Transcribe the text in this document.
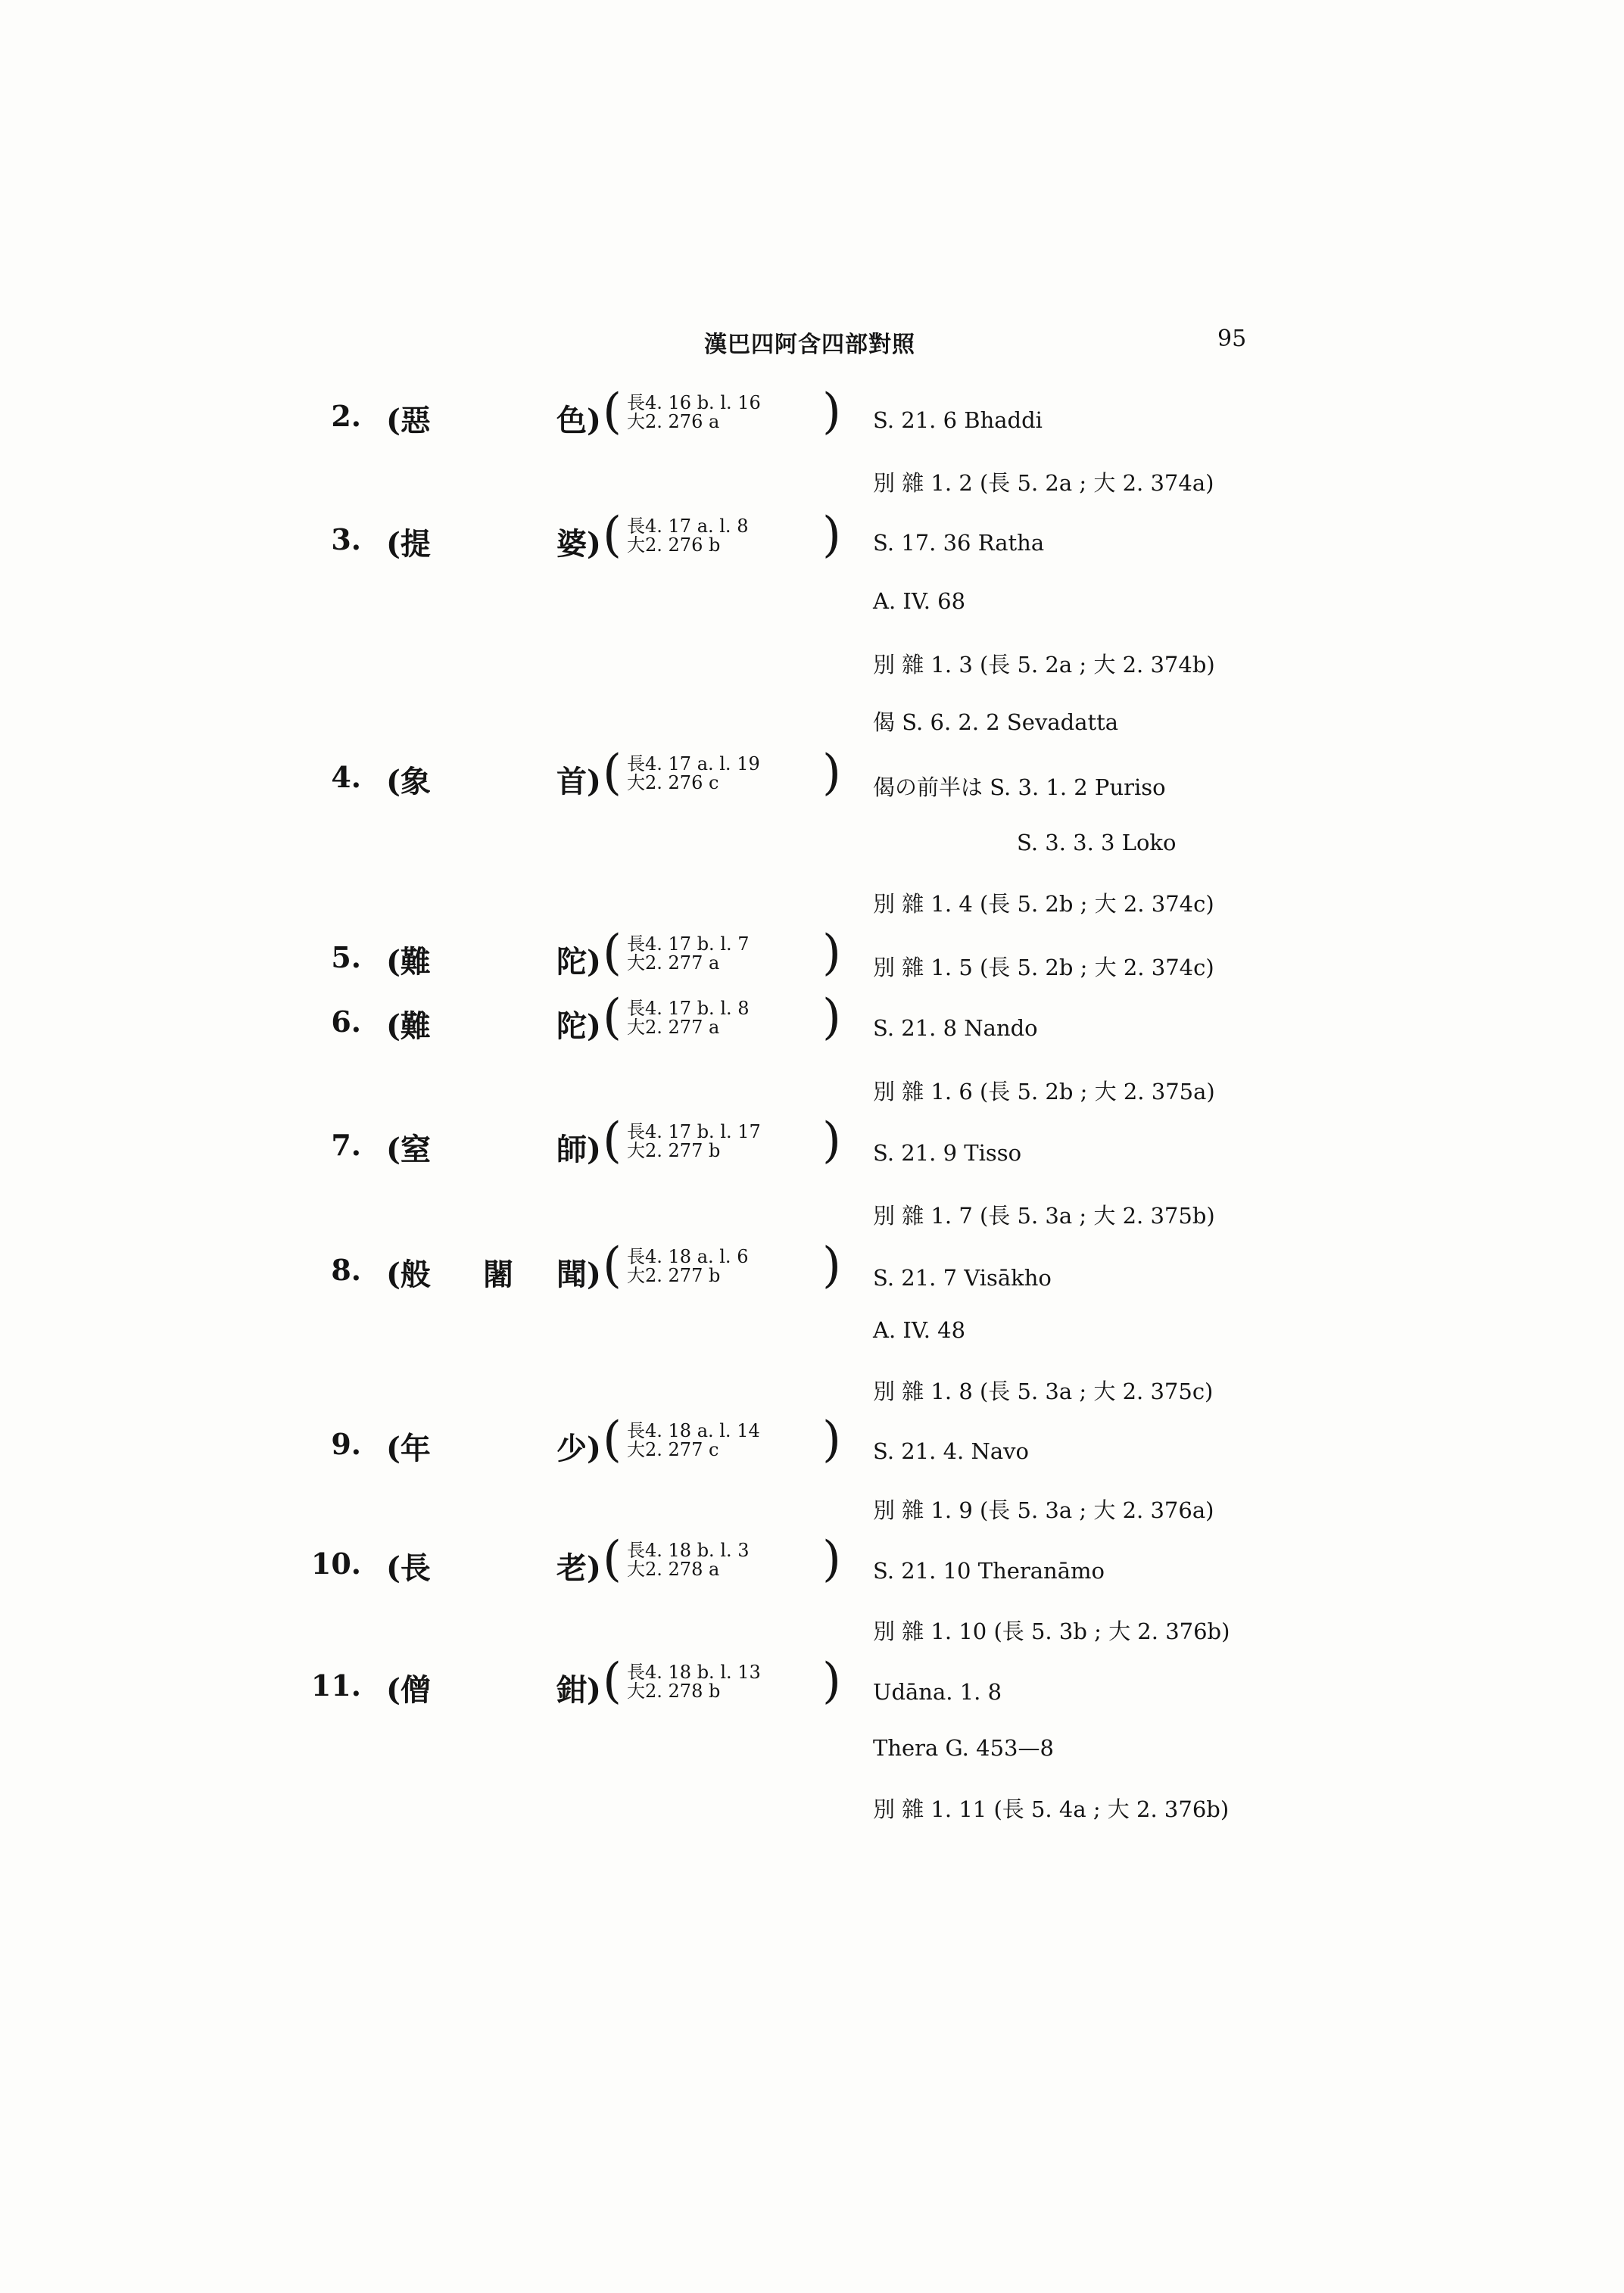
漢巴四阿含四部對照	95
2. (惡	色) ( 長4. 16 b. l. 16
大2. 276 a	) S. 21. 6 Bhaddi
別 雜 1. 2 (長 5. 2a ; 大 2. 374a)
3. (提	婆) ( 長4. 17 a. l. 8
大2. 276 b	) S. 17. 36 Ratha
A. IV. 68
別 雜 1. 3 (長 5. 2a ; 大 2. 374b)
偈 S. 6. 2. 2 Sevadatta
4. (象	首) ( 長4. 17 a. l. 19
大2. 276 c	) 偈の前半は S. 3. 1. 2 Puriso
S. 3. 3. 3 Loko
別 雜 1. 4 (長 5. 2b ; 大 2. 374c)
5. (難	陀) ( 長4. 17 b. l. 7
大2. 277 a	) 別 雜 1. 5 (長 5. 2b ; 大 2. 374c)
6. (難	陀) ( 長4. 17 b. l. 8
大2. 277 a	) S. 21. 8 Nando
別 雜 1. 6 (長 5. 2b ; 大 2. 375a)
7. (窒	師) ( 長4. 17 b. l. 17
大2. 277 b	) S. 21. 9 Tisso
別 雜 1. 7 (長 5. 3a ; 大 2. 375b)
8. (般 闍 聞) ( 長4. 18 a. l. 6
大2. 277 b	) S. 21. 7 Visākho
A. IV. 48
別 雜 1. 8 (長 5. 3a ; 大 2. 375c)
9. (年	少) ( 長4. 18 a. l. 14
大2. 277 c	) S. 21. 4. Navo
別 雜 1. 9 (長 5. 3a ; 大 2. 376a)
10. (長	老) ( 長4. 18 b. l. 3
大2. 278 a	) S. 21. 10 Theranāmo
別 雜 1. 10 (長 5. 3b ; 大 2. 376b)
11. (僧	鉗) ( 長4. 18 b. l. 13
大2. 278 b	) Udāna. 1. 8
Thera G. 453—8
別 雜 1. 11 (長 5. 4a ; 大 2. 376b)
